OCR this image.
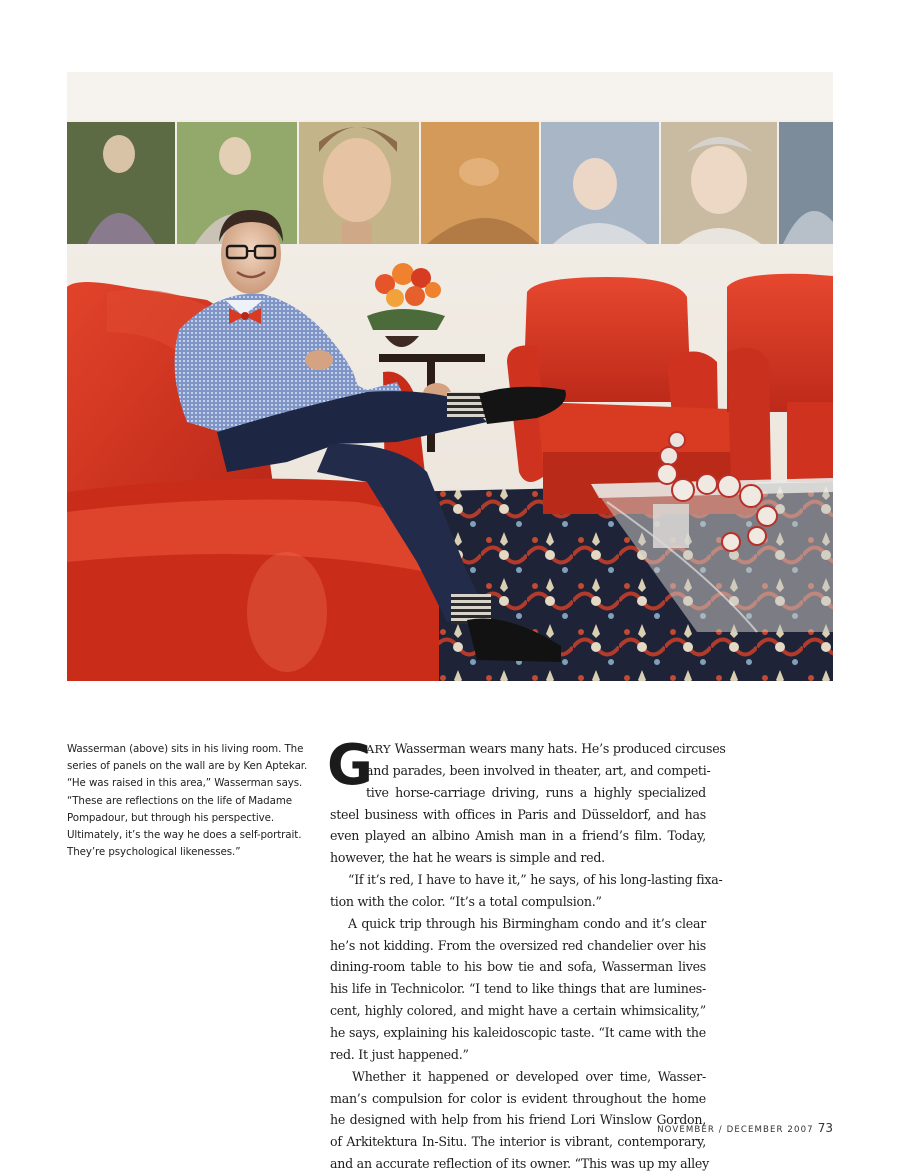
Wasserman (above) sits in his living room. The
series of panels on the wall are by Ken Aptekar.
“He was raised in this area,” Wasserman says.
“These are reflections on the life of Madame
Pompadour, but through his perspective.
Ultimately, it’s the way he does a self-portrait.
They’re psychological likenesses.”
G
ARY Wasserman wears many hats. He’s produced circuses
and parades, been involved in theater, art, and competi-
tive horse-carriage driving, runs a highly specialized
steel business with offices in Paris and Düsseldorf, and has
even played an albino Amish man in a friend’s film. Today,
however, the hat he wears is simple and red.
“If it’s red, I have to have it,” he says, of his long-lasting fixa-
tion with the color. “It’s a total compulsion.”
A quick trip through his Birmingham condo and it’s clear
he’s not kidding. From the oversized red chandelier over his
dining-room table to his bow tie and sofa, Wasserman lives
his life in Technicolor. “I tend to like things that are lumines-
cent, highly colored, and might have a certain whimsicality,”
he says, explaining his kaleidoscopic taste. “It came with the
red. It just happened.”
Whether it happened or developed over time, Wasser-
man’s compulsion for color is evident throughout the home
he designed with help from his friend Lori Winslow Gordon,
of Arkitektura In-Situ. The interior is vibrant, contemporary,
and an accurate reflection of its owner. “This was up my alley
NOVEMBER / DECEMBER 2007 73
